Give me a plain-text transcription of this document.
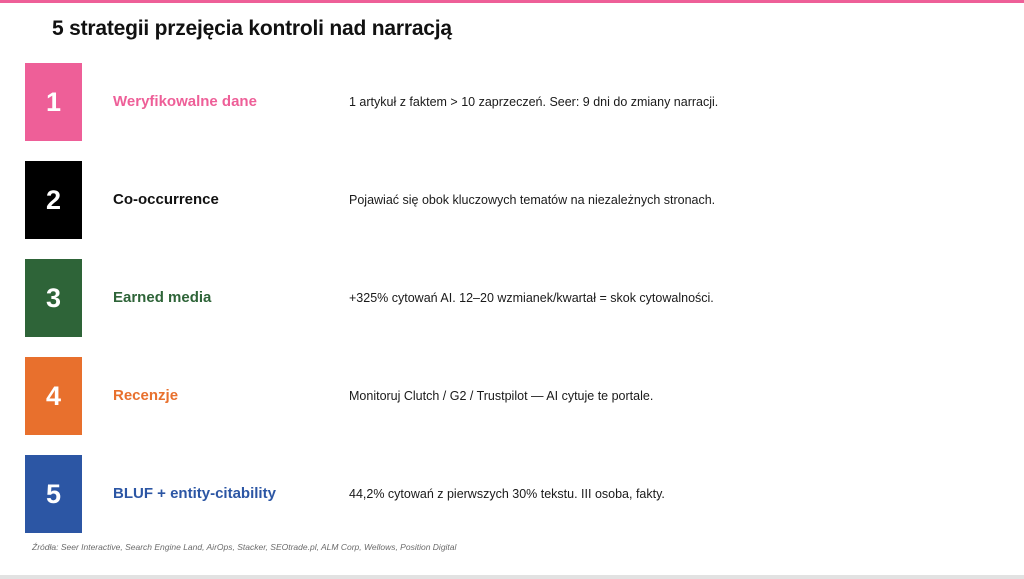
5 strategii przejęcia kontroli nad narracją
1	Weryfikowalne dane	1 artykuł z faktem > 10 zaprzeczeń. Seer: 9 dni do zmiany narracji.
2	Co-occurrence	Pojawiać się obok kluczowych tematów na niezależnych stronach.
3	Earned media	+325% cytowań AI. 12–20 wzmianek/kwartał = skok cytowalności.
4	Recenzje	Monitoruj Clutch / G2 / Trustpilot — AI cytuje te portale.
5	BLUF + entity-citability	44,2% cytowań z pierwszych 30% tekstu. III osoba, fakty.
Źródła: Seer Interactive, Search Engine Land, AirOps, Stacker, SEOtrade.pl, ALM Corp, Wellows, Position Digital
